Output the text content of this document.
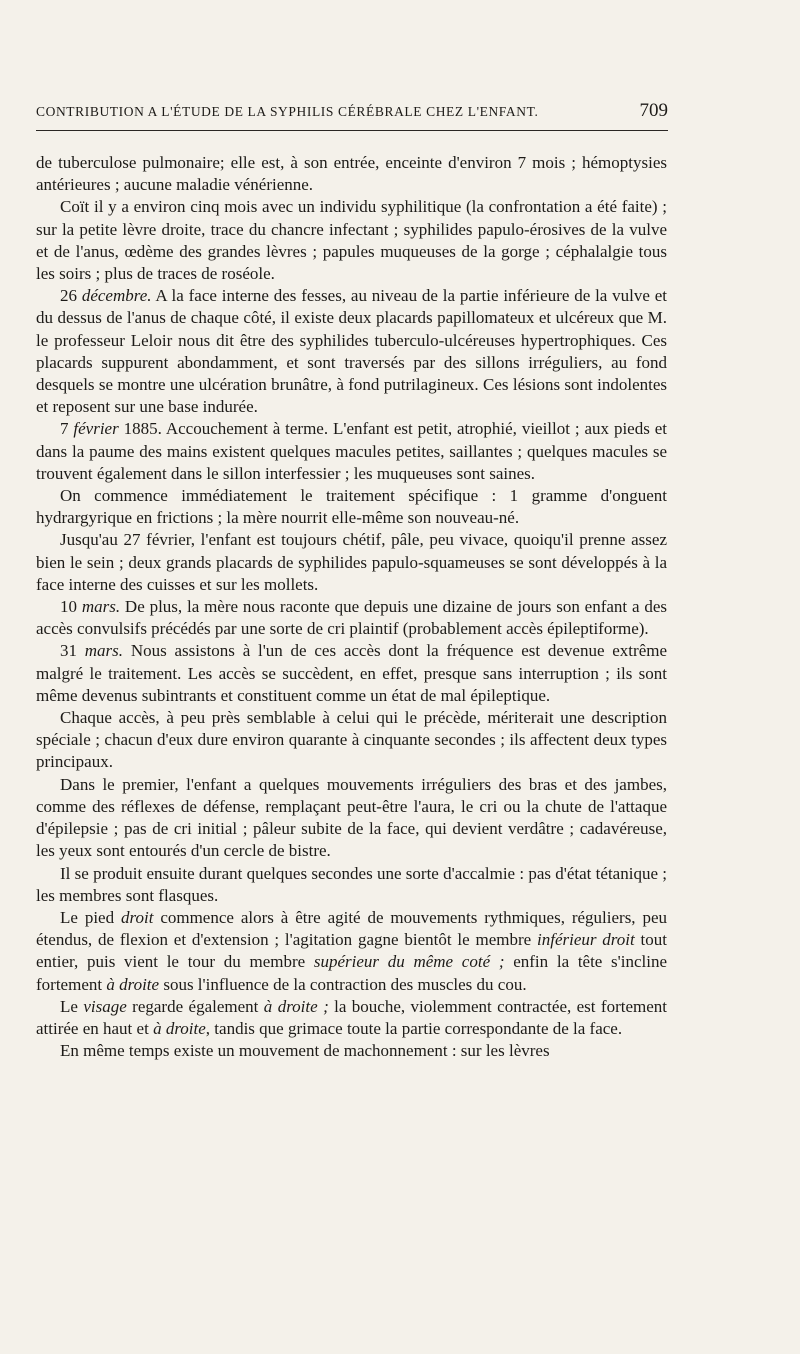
CONTRIBUTION A L'ÉTUDE DE LA SYPHILIS CÉRÉBRALE CHEZ L'ENFANT.	709

de tuberculose pulmonaire; elle est, à son entrée, enceinte d'environ 7 mois ; hémoptysies antérieures ; aucune maladie vénérienne.

Coït il y a environ cinq mois avec un individu syphilitique (la confrontation a été faite) ; sur la petite lèvre droite, trace du chancre infectant ; syphilides papulo-érosives de la vulve et de l'anus, œdème des grandes lèvres ; papules muqueuses de la gorge ; céphalalgie tous les soirs ; plus de traces de roséole.

26 décembre. A la face interne des fesses, au niveau de la partie inférieure de la vulve et du dessus de l'anus de chaque côté, il existe deux placards papillomateux et ulcéreux que M. le professeur Leloir nous dit être des syphilides tuberculo-ulcéreuses hypertrophiques. Ces placards suppurent abondamment, et sont traversés par des sillons irréguliers, au fond desquels se montre une ulcération brunâtre, à fond putrilagineux. Ces lésions sont indolentes et reposent sur une base indurée.

7 février 1885. Accouchement à terme. L'enfant est petit, atrophié, vieillot ; aux pieds et dans la paume des mains existent quelques macules petites, saillantes ; quelques macules se trouvent également dans le sillon interfessier ; les muqueuses sont saines.

On commence immédiatement le traitement spécifique : 1 gramme d'onguent hydrargyrique en frictions ; la mère nourrit elle-même son nouveau-né.

Jusqu'au 27 février, l'enfant est toujours chétif, pâle, peu vivace, quoiqu'il prenne assez bien le sein ; deux grands placards de syphilides papulo-squameuses se sont développés à la face interne des cuisses et sur les mollets.

10 mars. De plus, la mère nous raconte que depuis une dizaine de jours son enfant a des accès convulsifs précédés par une sorte de cri plaintif (probablement accès épileptiforme).

31 mars. Nous assistons à l'un de ces accès dont la fréquence est devenue extrême malgré le traitement. Les accès se succèdent, en effet, presque sans interruption ; ils sont même devenus subintrants et constituent comme un état de mal épileptique.

Chaque accès, à peu près semblable à celui qui le précède, mériterait une description spéciale ; chacun d'eux dure environ quarante à cinquante secondes ; ils affectent deux types principaux.

Dans le premier, l'enfant a quelques mouvements irréguliers des bras et des jambes, comme des réflexes de défense, remplaçant peut-être l'aura, le cri ou la chute de l'attaque d'épilepsie ; pas de cri initial ; pâleur subite de la face, qui devient verdâtre ; cadavéreuse, les yeux sont entourés d'un cercle de bistre.

Il se produit ensuite durant quelques secondes une sorte d'accalmie : pas d'état tétanique ; les membres sont flasques.

Le pied droit commence alors à être agité de mouvements rythmiques, réguliers, peu étendus, de flexion et d'extension ; l'agitation gagne bientôt le membre inférieur droit tout entier, puis vient le tour du membre supérieur du même coté ; enfin la tête s'incline fortement à droite sous l'influence de la contraction des muscles du cou.

Le visage regarde également à droite ; la bouche, violemment contractée, est fortement attirée en haut et à droite, tandis que grimace toute la partie correspondante de la face.

En même temps existe un mouvement de machonnement : sur les lèvres
